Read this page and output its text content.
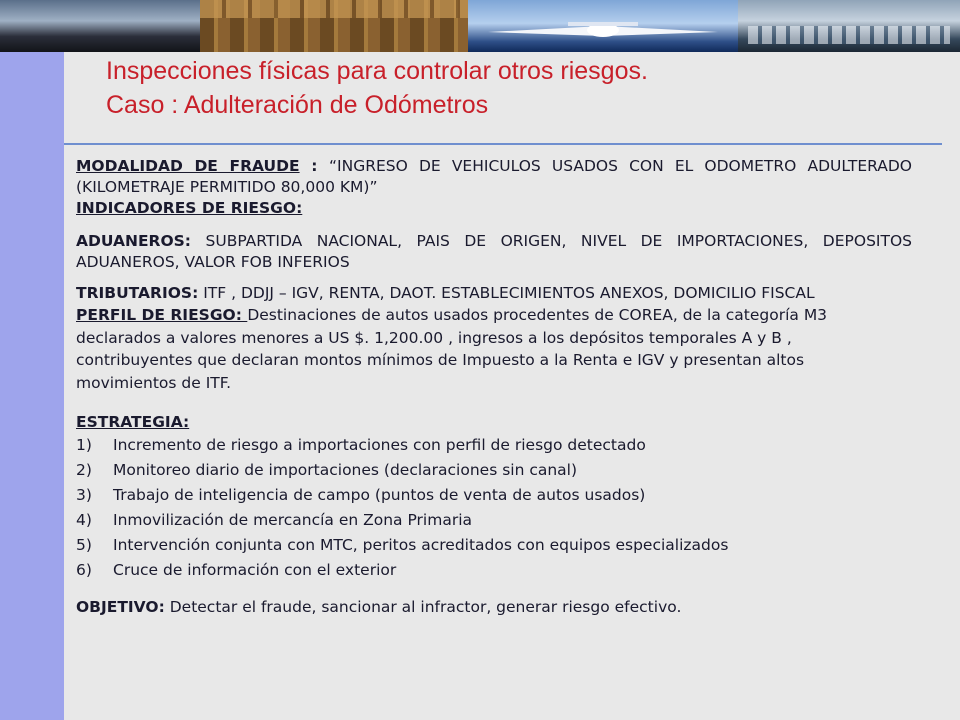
Inspecciones físicas para controlar otros riesgos.
Caso : Adulteración de Odómetros

MODALIDAD DE FRAUDE : “INGRESO DE VEHICULOS USADOS CON EL ODOMETRO ADULTERADO (KILOMETRAJE PERMITIDO 80,000 KM)”

INDICADORES DE RIESGO:

ADUANEROS: SUBPARTIDA NACIONAL, PAIS DE ORIGEN, NIVEL DE IMPORTACIONES, DEPOSITOS ADUANEROS, VALOR FOB INFERIOS

TRIBUTARIOS: ITF , DDJJ – IGV, RENTA, DAOT. ESTABLECIMIENTOS ANEXOS, DOMICILIO FISCAL

PERFIL DE RIESGO: Destinaciones de autos usados procedentes de COREA, de la categoría M3 declarados a valores menores a US $. 1,200.00 , ingresos a los depósitos temporales A y B , contribuyentes que declaran montos mínimos de Impuesto a la Renta e IGV y presentan altos movimientos de ITF.

ESTRATEGIA:

1)	Incremento de riesgo a importaciones con perfil de riesgo detectado
2)	Monitoreo diario de importaciones (declaraciones sin canal)
3)	Trabajo de inteligencia de campo (puntos de venta de autos usados)
4)	Inmovilización de mercancía en Zona Primaria
5)	Intervención conjunta con MTC, peritos acreditados con equipos especializados
6)	Cruce de información con el exterior

OBJETIVO: Detectar el fraude, sancionar al infractor, generar riesgo efectivo.
